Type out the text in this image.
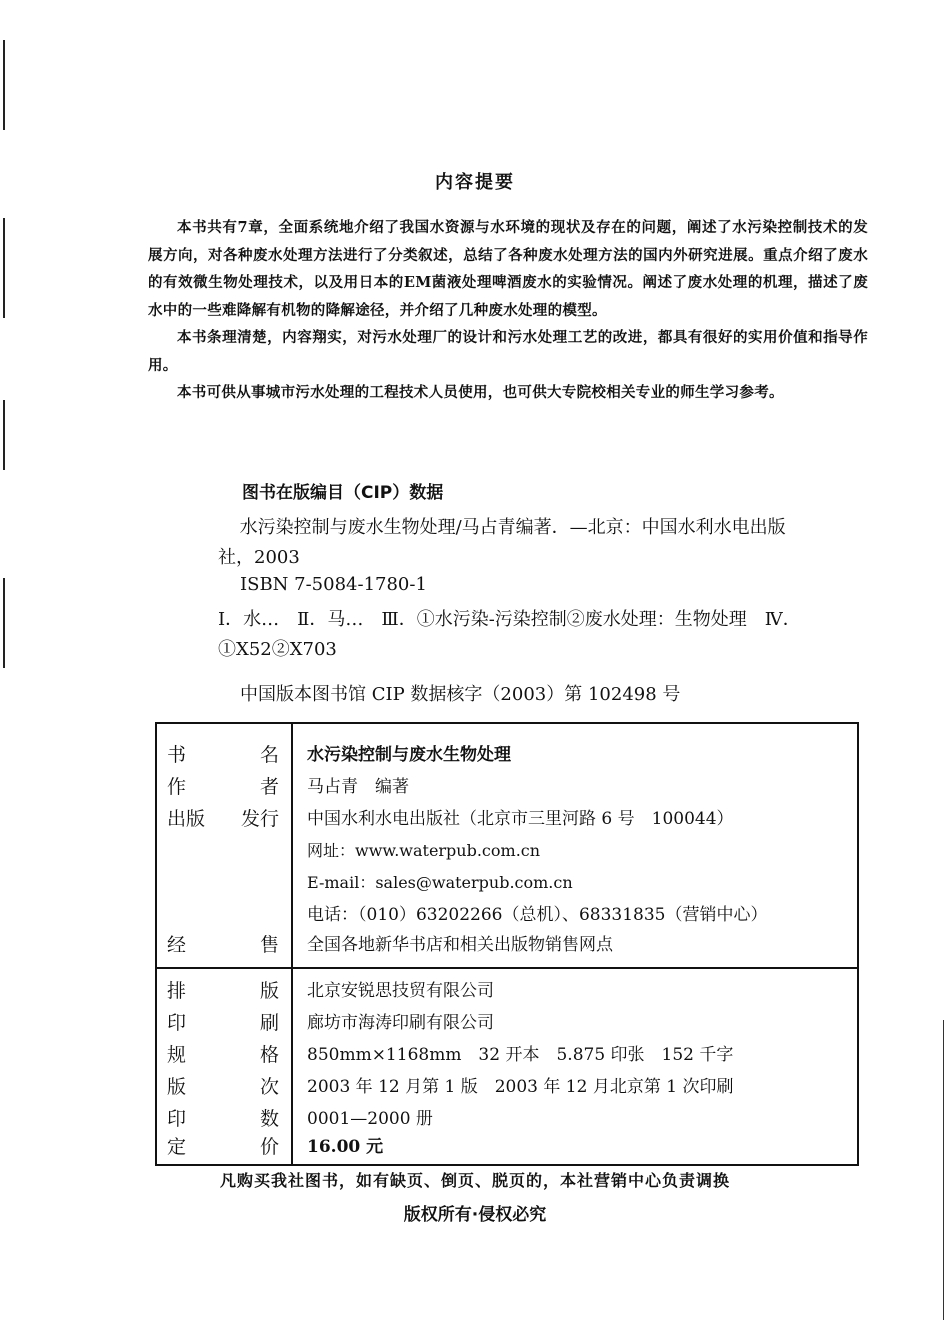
内容提要

本书共有7章，全面系统地介绍了我国水资源与水环境的现状及存在的问题，阐述了水污染控制技术的发展方向，对各种废水处理方法进行了分类叙述，总结了各种废水处理方法的国内外研究进展。重点介绍了废水的有效微生物处理技术，以及用日本的EM菌液处理啤酒废水的实验情况。阐述了废水处理的机理，描述了废水中的一些难降解有机物的降解途径，并介绍了几种废水处理的模型。

本书条理清楚，内容翔实，对污水处理厂的设计和污水处理工艺的改进，都具有很好的实用价值和指导作用。

本书可供从事城市污水处理的工程技术人员使用，也可供大专院校相关专业的师生学习参考。

图书在版编目（CIP）数据
水污染控制与废水生物处理/马占青编著．—北京：中国水利水电出版社，2003
ISBN 7-5084-1780-1
Ⅰ．水…　Ⅱ．马…　Ⅲ．①水污染-污染控制②废水处理：生物处理　Ⅳ．①X52②X703
中国版本图书馆 CIP 数据核字（2003）第 102498 号
书	名 水污染控制与废水生物处理
作	者 马占青　编著
出版 发行 中国水利水电出版社（北京市三里河路 6 号　100044）
网址：www.waterpub.com.cn
E-mail：sales@waterpub.com.cn
电话：（010）63202266（总机）、68331835（营销中心）
经	售 全国各地新华书店和相关出版物销售网点
排	版 北京安锐思技贸有限公司
印	刷 廊坊市海涛印刷有限公司
规	格 850mm×1168mm　32 开本　5.875 印张　152 千字
版	次 2003 年 12 月第 1 版　2003 年 12 月北京第 1 次印刷
印	数 0001—2000 册
定	价 16.00 元
凡购买我社图书，如有缺页、倒页、脱页的，本社营销中心负责调换
版权所有·侵权必究
